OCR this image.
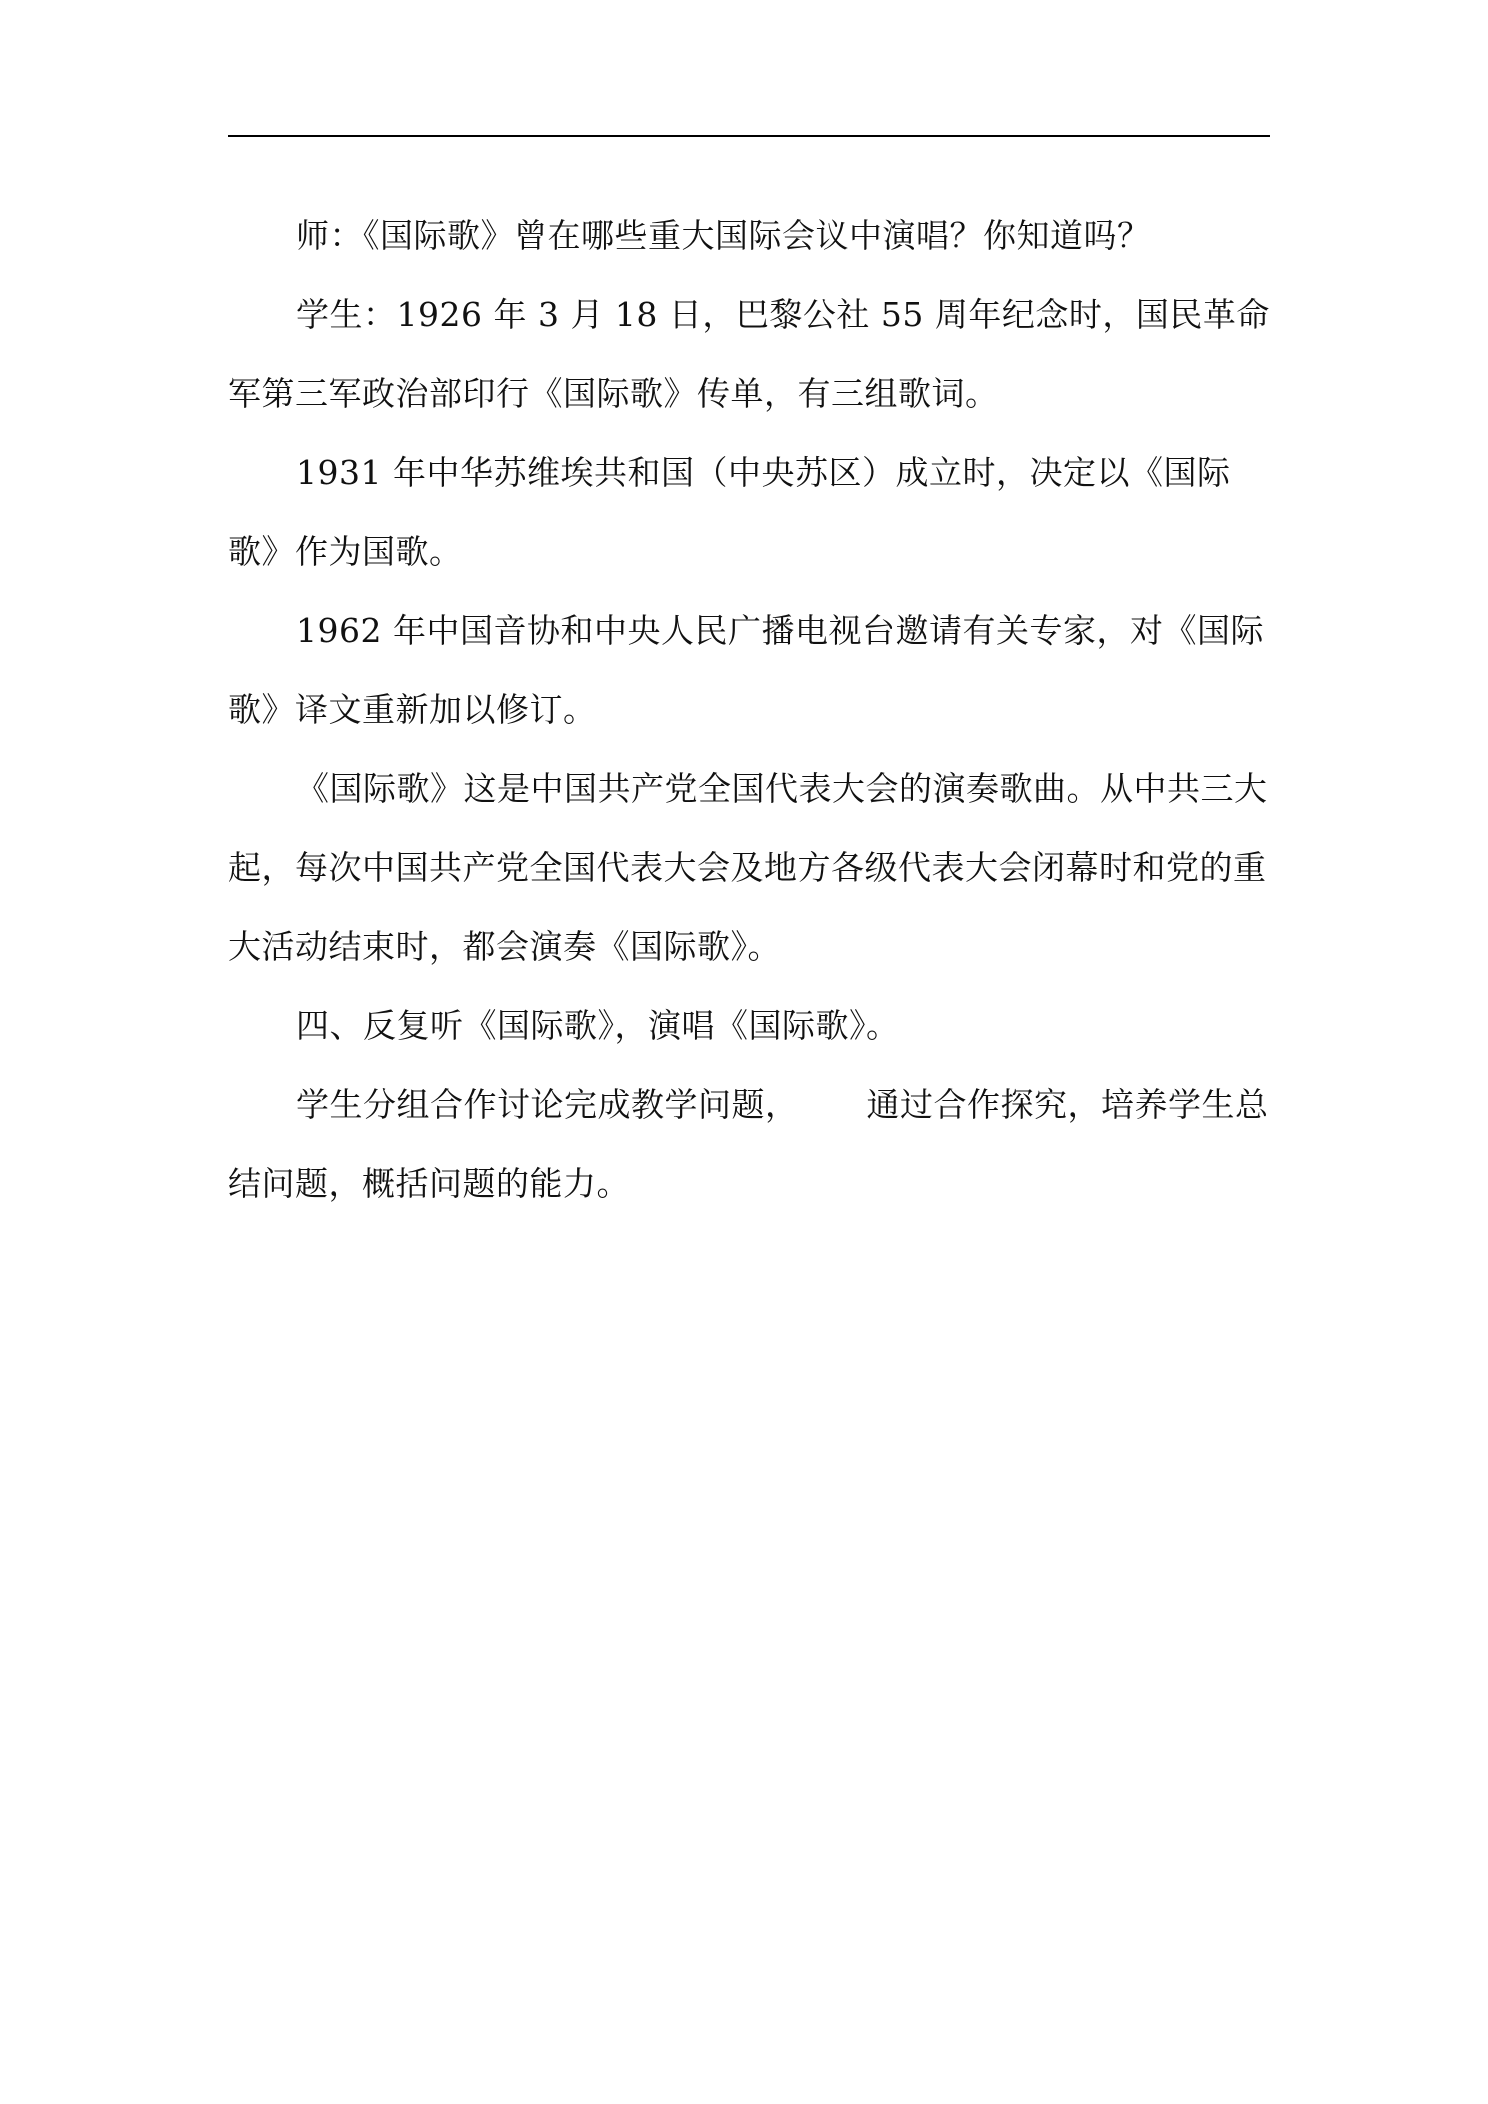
师：《国际歌》曾在哪些重大国际会议中演唱？你知道吗？

学生：1926 年 3 月 18 日，巴黎公社 55 周年纪念时，国民革命军第三军政治部印行《国际歌》传单，有三组歌词。

1931 年中华苏维埃共和国（中央苏区）成立时，决定以《国际歌》作为国歌。

1962 年中国音协和中央人民广播电视台邀请有关专家，对《国际歌》译文重新加以修订。

《国际歌》这是中国共产党全国代表大会的演奏歌曲。从中共三大起，每次中国共产党全国代表大会及地方各级代表大会闭幕时和党的重大活动结束时，都会演奏《国际歌》。

四、反复听《国际歌》，演唱《国际歌》。

学生分组合作讨论完成教学问题， 通过合作探究，培养学生总结问题，概括问题的能力。
